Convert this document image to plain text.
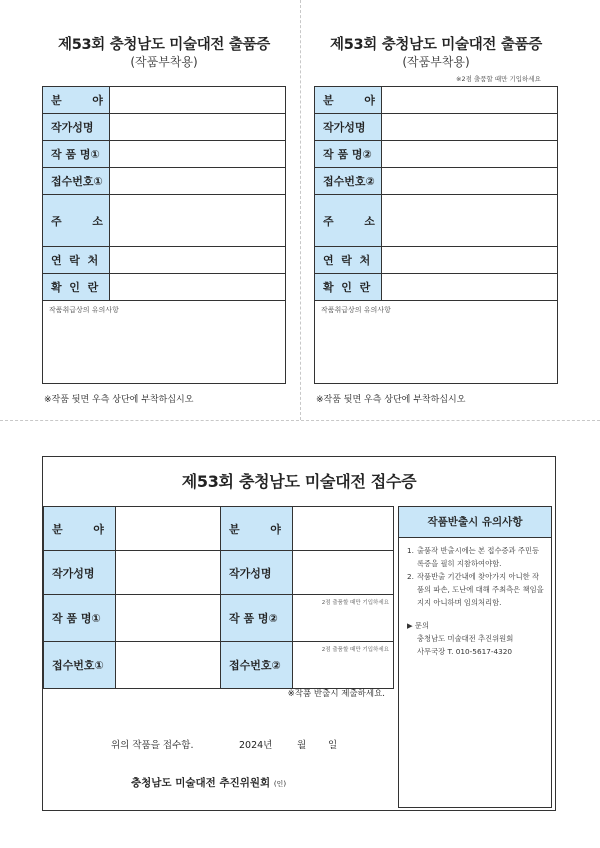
제53회 충청남도 미술대전 출품증
(작품부착용)
분        야	
작가성명	
작 품 명①	
접수번호①	
주        소	
연  락  처	
확  인  란	
작품취급상의 유의사항	
※작품 뒷면 우측 상단에 부착하십시오
제53회 충청남도 미술대전 출품증
(작품부착용)
※2점 출품할 때만 기입하세요
분        야	
작가성명	
작 품 명②	
접수번호②	
주        소	
연  락  처	
확  인  란	
작품취급상의 유의사항	
※작품 뒷면 우측 상단에 부착하십시오
제53회 충청남도 미술대전 접수증
분        야		분        야	
작가성명		작가성명	
작 품 명①		작 품 명②	2점 출품할 때만 기입하세요
접수번호①		접수번호②	2점 출품할 때만 기입하세요
※작품 반출시 제출하세요.
위의 작품을 접수함.	2024년	월 일
충청남도 미술대전 추진위원회 (인)
작품반출시 유의사항
1. 출품작 반출시에는 본 접수증과 주민등록증을 필히 지참하여야함.
2. 작품반출 기간내에 찾아가지 아니한 작품의 파손, 도난에 대해 주최측은 책임을 지지 아니하며 임의처리함.
▶ 문의
충청남도 미술대전 추진위원회
사무국장 T. 010-5617-4320
